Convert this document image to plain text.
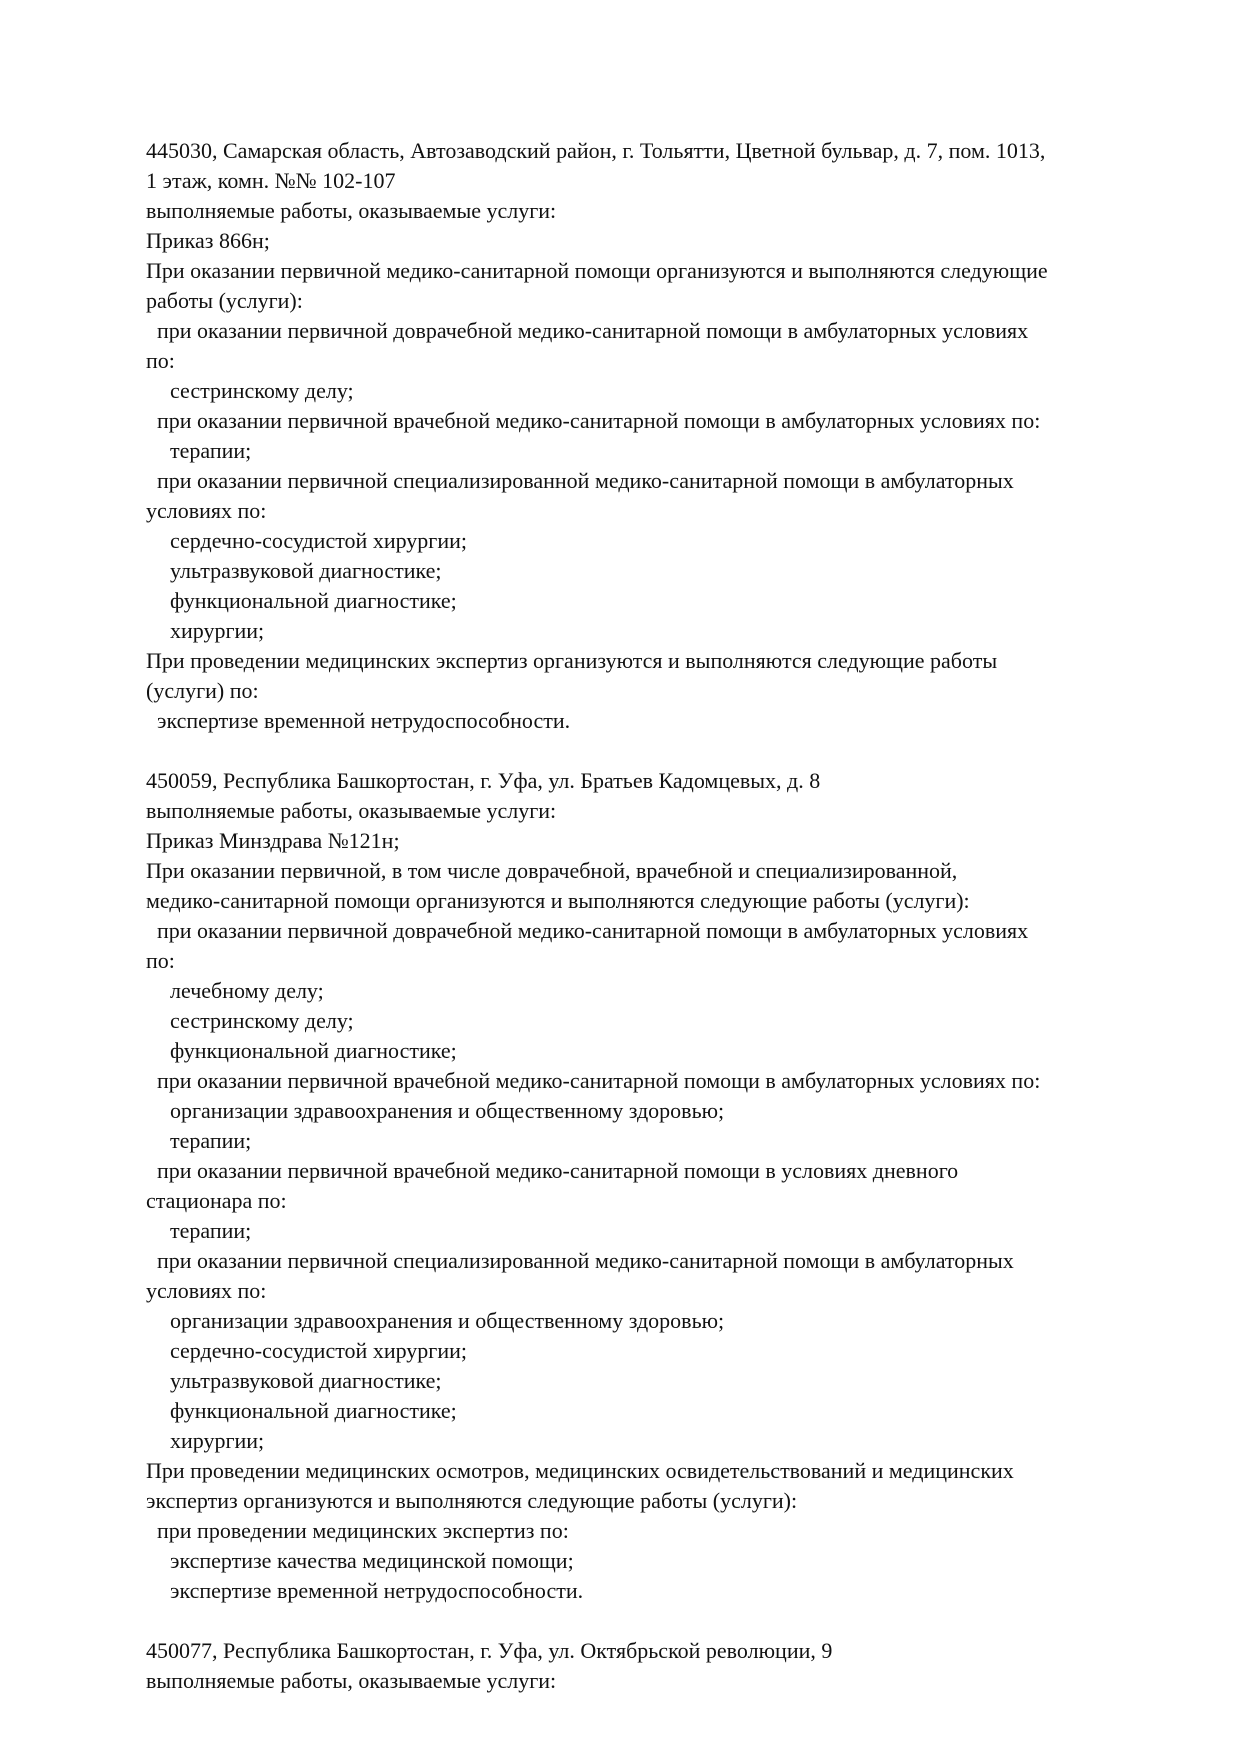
445030, Самарская область, Автозаводский район, г. Тольятти, Цветной бульвар, д. 7, пом. 1013,
1 этаж, комн. №№ 102-107
выполняемые работы, оказываемые услуги:
Приказ 866н;
При оказании первичной медико-санитарной помощи организуются и выполняются следующие
работы (услуги):
при оказании первичной доврачебной медико-санитарной помощи в амбулаторных условиях
по:
сестринскому делу;
при оказании первичной врачебной медико-санитарной помощи в амбулаторных условиях по:
терапии;
при оказании первичной специализированной медико-санитарной помощи в амбулаторных
условиях по:
сердечно-сосудистой хирургии;
ультразвуковой диагностике;
функциональной диагностике;
хирургии;
При проведении медицинских экспертиз организуются и выполняются следующие работы
(услуги) по:
экспертизе временной нетрудоспособности.
450059, Республика Башкортостан, г. Уфа, ул. Братьев Кадомцевых, д. 8
выполняемые работы, оказываемые услуги:
Приказ Минздрава №121н;
При оказании первичной, в том числе доврачебной, врачебной и специализированной,
медико-санитарной помощи организуются и выполняются следующие работы (услуги):
при оказании первичной доврачебной медико-санитарной помощи в амбулаторных условиях
по:
лечебному делу;
сестринскому делу;
функциональной диагностике;
при оказании первичной врачебной медико-санитарной помощи в амбулаторных условиях по:
организации здравоохранения и общественному здоровью;
терапии;
при оказании первичной врачебной медико-санитарной помощи в условиях дневного
стационара по:
терапии;
при оказании первичной специализированной медико-санитарной помощи в амбулаторных
условиях по:
организации здравоохранения и общественному здоровью;
сердечно-сосудистой хирургии;
ультразвуковой диагностике;
функциональной диагностике;
хирургии;
При проведении медицинских осмотров, медицинских освидетельствований и медицинских
экспертиз организуются и выполняются следующие работы (услуги):
при проведении медицинских экспертиз по:
экспертизе качества медицинской помощи;
экспертизе временной нетрудоспособности.
450077, Республика Башкортостан, г. Уфа, ул. Октябрьской революции, 9
выполняемые работы, оказываемые услуги:
